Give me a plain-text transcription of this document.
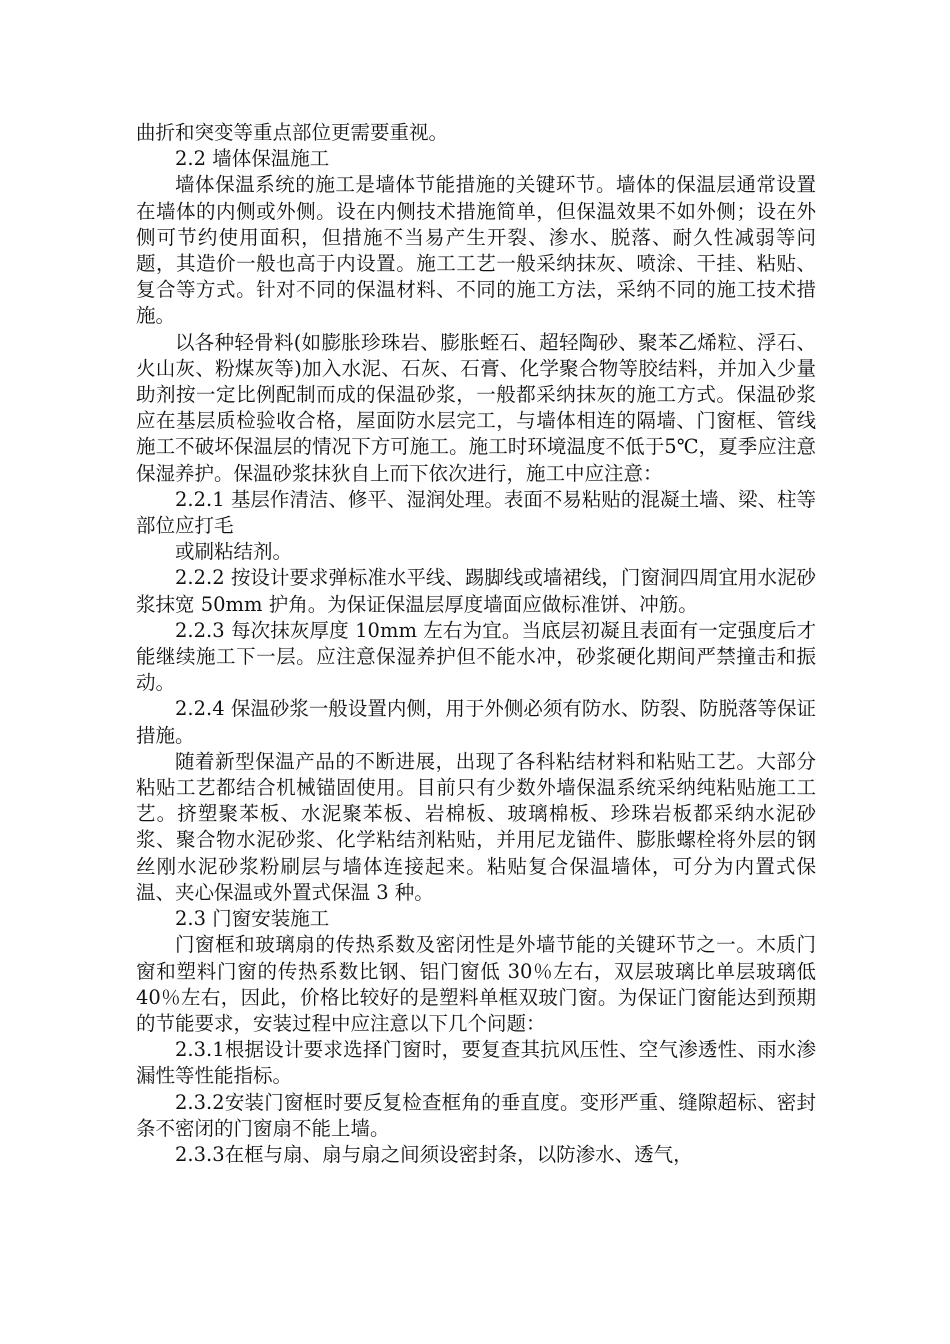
曲折和突变等重点部位更需要重视。

2.2 墙体保温施工

墙体保温系统的施工是墙体节能措施的关键环节。墙体的保温层通常设置在墙体的内侧或外侧。设在内侧技术措施简单，但保温效果不如外侧；设在外侧可节约使用面积，但措施不当易产生开裂、渗水、脱落、耐久性减弱等问题，其造价一般也高于内设置。施工工艺一般采纳抹灰、喷涂、干挂、粘贴、复合等方式。针对不同的保温材料、不同的施工方法，采纳不同的施工技术措施。

以各种轻骨料(如膨胀珍珠岩、膨胀蛭石、超轻陶砂、聚苯乙烯粒、浮石、火山灰、粉煤灰等)加入水泥、石灰、石膏、化学聚合物等胶结料，并加入少量助剂按一定比例配制而成的保温砂浆，一般都采纳抹灰的施工方式。保温砂浆应在基层质检验收合格，屋面防水层完工，与墙体相连的隔墙、门窗框、管线施工不破坏保温层的情况下方可施工。施工时环境温度不低于5℃，夏季应注意保湿养护。保温砂浆抹狄自上而下依次进行，施工中应注意：

2.2.1 基层作清洁、修平、湿润处理。表面不易粘贴的混凝土墙、梁、柱等部位应打毛

或刷粘结剂。

2.2.2 按设计要求弹标准水平线、踢脚线或墙裙线，门窗洞四周宜用水泥砂浆抹宽 50mm 护角。为保证保温层厚度墙面应做标准饼、冲筋。

2.2.3 每次抹灰厚度 10mm 左右为宜。当底层初凝且表面有一定强度后才能继续施工下一层。应注意保湿养护但不能水冲，砂浆硬化期间严禁撞击和振动。

2.2.4 保温砂浆一般设置内侧，用于外侧必须有防水、防裂、防脱落等保证措施。

随着新型保温产品的不断进展，出现了各科粘结材料和粘贴工艺。大部分粘贴工艺都结合机械锚固使用。目前只有少数外墙保温系统采纳纯粘贴施工工艺。挤塑聚苯板、水泥聚苯板、岩棉板、玻璃棉板、珍珠岩板都采纳水泥砂浆、聚合物水泥砂浆、化学粘结剂粘贴，并用尼龙锚件、膨胀螺栓将外层的钢丝刚水泥砂浆粉刷层与墙体连接起来。粘贴复合保温墙体，可分为内置式保温、夹心保温或外置式保温 3 种。

2.3 门窗安装施工

门窗框和玻璃扇的传热系数及密闭性是外墙节能的关键环节之一。木质门窗和塑料门窗的传热系数比钢、铝门窗低 30％左右，双层玻璃比单层玻璃低 40％左右，因此，价格比较好的是塑料单框双玻门窗。为保证门窗能达到预期的节能要求，安装过程中应注意以下几个问题：

2.3.1根据设计要求选择门窗时，要复查其抗风压性、空气渗透性、雨水渗漏性等性能指标。

2.3.2安装门窗框时要反复检查框角的垂直度。变形严重、缝隙超标、密封条不密闭的门窗扇不能上墙。

2.3.3在框与扇、扇与扇之间须设密封条，以防渗水、透气，
